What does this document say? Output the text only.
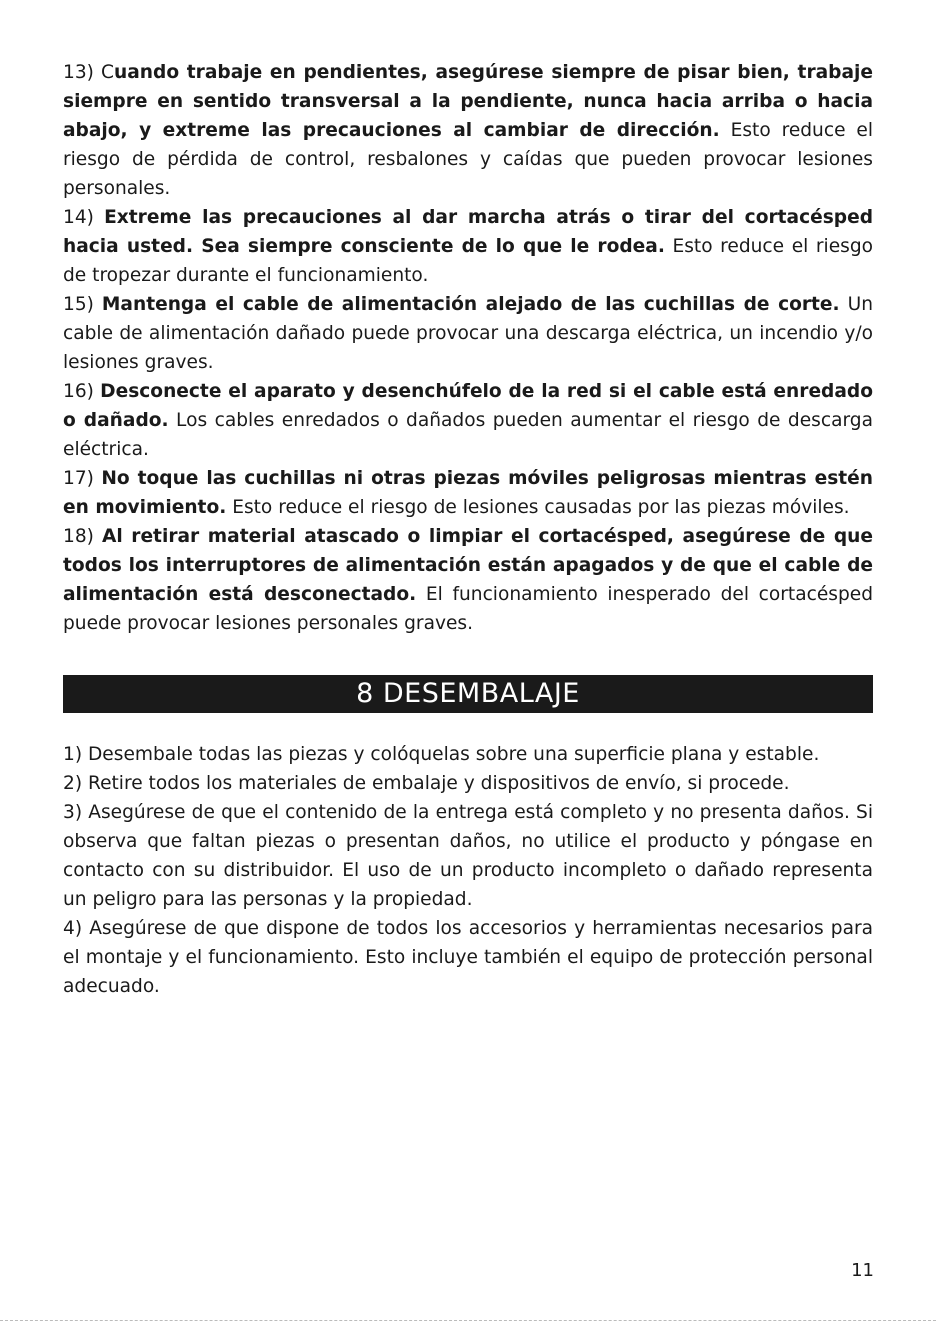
13) Cuando trabaje en pendientes, asegúrese siempre de pisar bien, trabaje siempre en sentido transversal a la pendiente, nunca hacia arriba o hacia abajo, y extreme las precauciones al cambiar de dirección. Esto reduce el riesgo de pérdida de control, resbalones y caídas que pueden provocar lesiones personales.

14) Extreme las precauciones al dar marcha atrás o tirar del cortacésped hacia usted. Sea siempre consciente de lo que le rodea. Esto reduce el riesgo de tropezar durante el funcionamiento.

15) Mantenga el cable de alimentación alejado de las cuchillas de corte. Un cable de alimentación dañado puede provocar una descarga eléctrica, un incendio y/o lesiones graves.

16) Desconecte el aparato y desenchúfelo de la red si el cable está enredado o dañado. Los cables enredados o dañados pueden aumentar el riesgo de descarga eléctrica.

17) No toque las cuchillas ni otras piezas móviles peligrosas mientras estén en movimiento. Esto reduce el riesgo de lesiones causadas por las piezas móviles.

18) Al retirar material atascado o limpiar el cortacésped, asegúrese de que todos los interruptores de alimentación están apagados y de que el cable de alimentación está desconectado. El funcionamiento inesperado del cortacésped puede provocar lesiones personales graves.

8 DESEMBALAJE

1) Desembale todas las piezas y colóquelas sobre una superficie plana y estable.

2) Retire todos los materiales de embalaje y dispositivos de envío, si procede.

3) Asegúrese de que el contenido de la entrega está completo y no presenta daños. Si observa que faltan piezas o presentan daños, no utilice el producto y póngase en contacto con su distribuidor. El uso de un producto incompleto o dañado representa un peligro para las personas y la propiedad.

4) Asegúrese de que dispone de todos los accesorios y herramientas necesarios para el montaje y el funcionamiento. Esto incluye también el equipo de protección personal adecuado.

11
